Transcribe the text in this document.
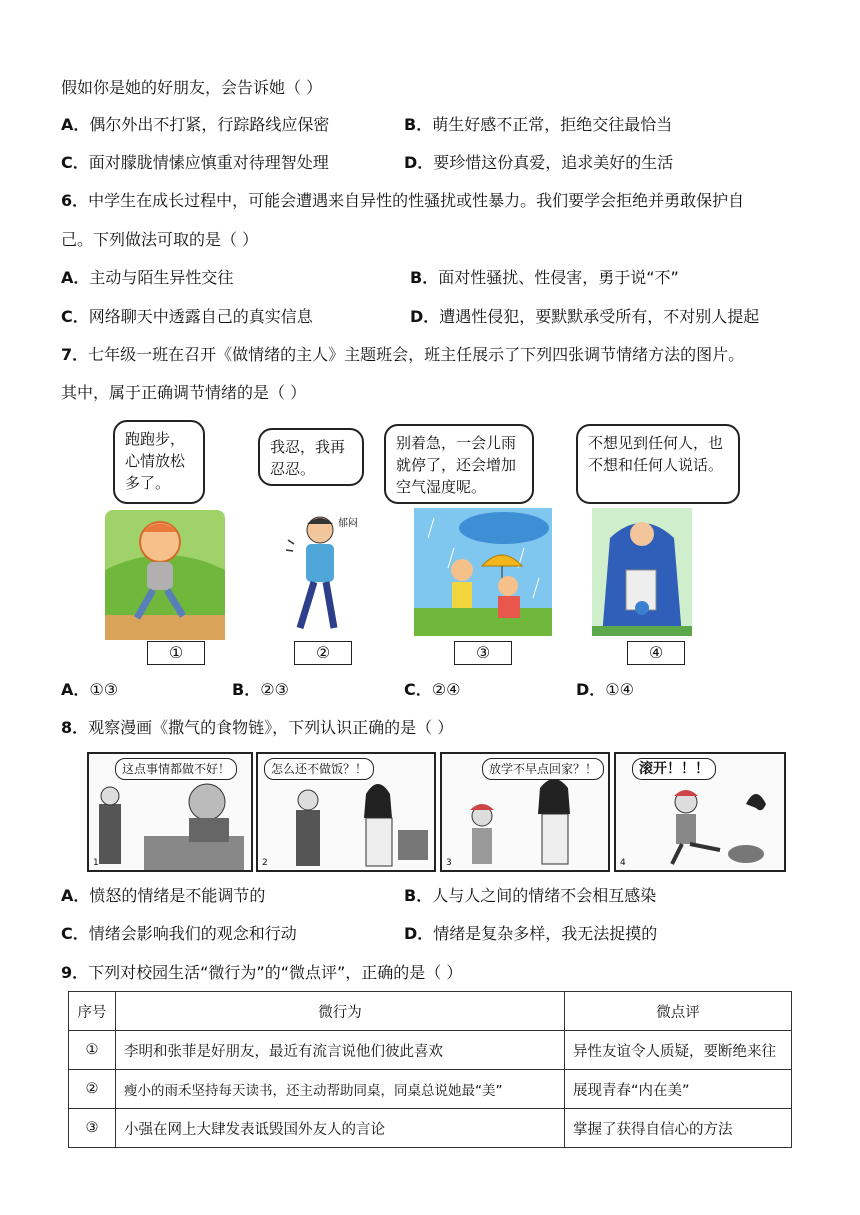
假如你是她的好朋友，会告诉她（ ）
A．偶尔外出不打紧，行踪路线应保密	B．萌生好感不正常，拒绝交往最恰当
C．面对朦胧情愫应慎重对待理智处理	D．要珍惜这份真爱，追求美好的生活
6．中学生在成长过程中，可能会遭遇来自异性的性骚扰或性暴力。我们要学会拒绝并勇敢保护自
己。下列做法可取的是（ ）
A．主动与陌生异性交往	B．面对性骚扰、性侵害，勇于说“不”
C．网络聊天中透露自己的真实信息	D．遭遇性侵犯，要默默承受所有，不对别人提起
7．七年级一班在召开《做情绪的主人》主题班会，班主任展示了下列四张调节情绪方法的图片。
其中，属于正确调节情绪的是（ ）
跑跑步，心情放松多了。
①
我忍，我再忍忍。
郁闷
②
别着急，一会儿雨就停了，还会增加空气湿度呢。
③
不想见到任何人，也不想和任何人说话。
④
A．①③	B．②③	C．②④	D．①④
8．观察漫画《撒气的食物链》，下列认识正确的是（ ）
这点事情都做不好！
1
怎么还不做饭？！
2
放学不早点回家？！
3
滚开！！！
4
A．愤怒的情绪是不能调节的	B．人与人之间的情绪不会相互感染
C．情绪会影响我们的观念和行动	D．情绪是复杂多样，我无法捉摸的
9．下列对校园生活“微行为”的“微点评”，正确的是（ ）
序号	微行为	微点评
①	李明和张菲是好朋友，最近有流言说他们彼此喜欢	异性友谊令人质疑，要断绝来往
②	瘦小的雨禾坚持每天读书，还主动帮助同桌，同桌总说她最“美”	展现青春“内在美”
③	小强在网上大肆发表诋毁国外友人的言论	掌握了获得自信心的方法
